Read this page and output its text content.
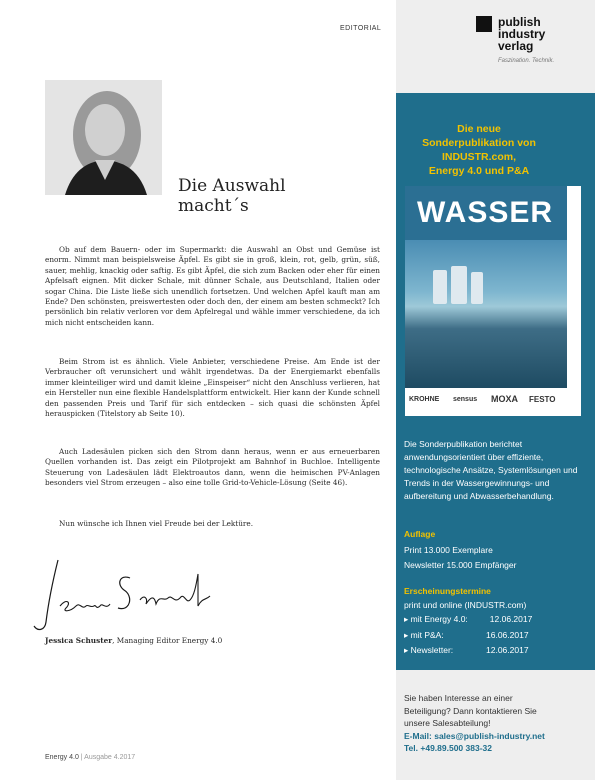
EDITORIAL	publish
industry
verlag
Faszination. Technik.
Die neue
Sonderpublikation von
INDUSTR.com,
Energy 4.0 und P&A
WASSER
KROHNE sensus MOXA FESTO

Die Sonderpublikation berichtet anwendungsorientiert über effiziente, technologische Ansätze, Systemlösungen und Trends in der Wassergewinnungs- und aufbereitung und Abwasserbehandlung.

Auflage
Print 13.000 Exemplare
Newsletter 15.000 Empfänger
Erscheinungstermine
print und online (INDUSTR.com)
▸ mit Energy 4.0:	12.06.2017
▸ mit P&A:	16.06.2017
▸ Newsletter:	12.06.2017
Sie haben Interesse an einer
Beteiligung? Dann kontaktieren Sie
unsere Salesabteilung!
E-Mail: sales@publish-industry.net
Tel. +49.89.500 383-32
Die Auswahl
macht´s

Ob auf dem Bauern- oder im Supermarkt: die Auswahl an Obst und Gemüse ist enorm. Nimmt man beispielsweise Äpfel. Es gibt sie in groß, klein, rot, gelb, grün, süß, sauer, mehlig, knackig oder saftig. Es gibt Äpfel, die sich zum Backen oder eher für einen Apfelsaft eignen. Mit dicker Schale, mit dünner Schale, aus Deutschland, Italien oder sogar China. Die Liste ließe sich unendlich fortsetzen. Und welchen Apfel kauft man am Ende? Den schönsten, preiswertesten oder doch den, der einem am besten schmeckt? Ich persönlich bin relativ verloren vor dem Apfelregal und wähle immer verschiedene, da ich mich nicht entscheiden kann.

Beim Strom ist es ähnlich. Viele Anbieter, verschiedene Preise. Am Ende ist der Verbraucher oft verunsichert und wählt irgendetwas. Da der Energiemarkt ebenfalls immer kleinteiliger wird und damit kleine „Einspeiser“ nicht den Anschluss verlieren, hat ein Hersteller nun eine flexible Handelsplattform entwickelt. Hier kann der Kunde schnell den passenden Preis und Tarif für sich entdecken – sich quasi die schönsten Äpfel herauspicken (Titelstory ab Seite 10).

Auch Ladesäulen picken sich den Strom dann heraus, wenn er aus erneuerbaren Quellen vorhanden ist. Das zeigt ein Pilotprojekt am Bahnhof in Buchloe. Intelligente Steuerung von Ladesäulen lädt Elektroautos dann, wenn die heimischen PV-Anlagen besonders viel Strom erzeugen – also eine tolle Grid-to-Vehicle-Lösung (Seite 46).

Nun wünsche ich Ihnen viel Freude bei der Lektüre.

Jessica Schuster, Managing Editor Energy 4.0
Energy 4.0 | Ausgabe 4.2017
